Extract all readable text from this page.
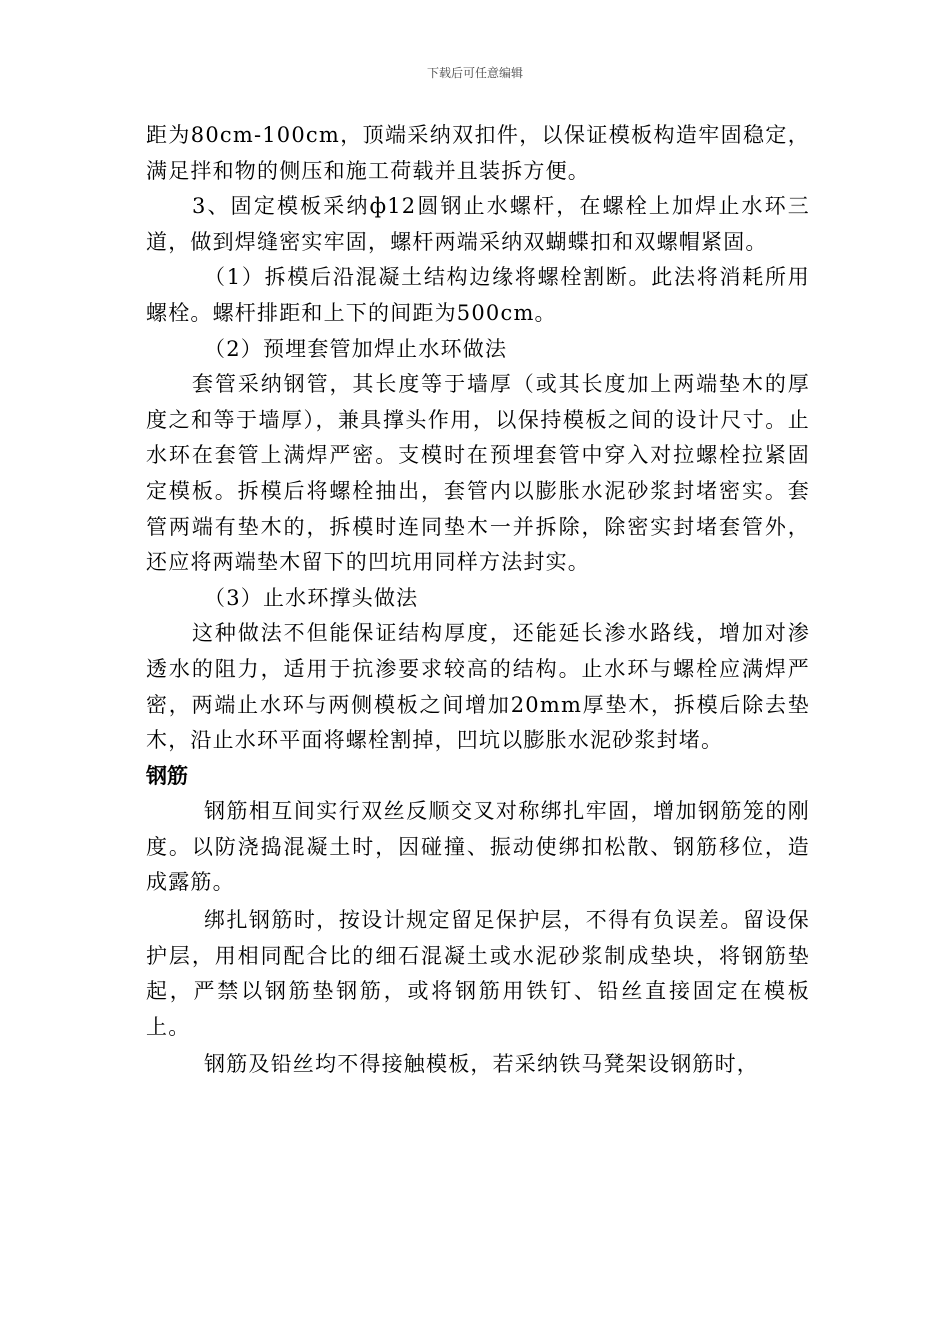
下载后可任意编辑

距为80cm-100cm，顶端采纳双扣件，以保证模板构造牢固稳定，满足拌和物的侧压和施工荷载并且装拆方便。

3、固定模板采纳ф12圆钢止水螺杆，在螺栓上加焊止水环三道，做到焊缝密实牢固，螺杆两端采纳双蝴蝶扣和双螺帽紧固。

（1）拆模后沿混凝土结构边缘将螺栓割断。此法将消耗所用螺栓。螺杆排距和上下的间距为500cm。

（2）预埋套管加焊止水环做法

套管采纳钢管，其长度等于墙厚（或其长度加上两端垫木的厚度之和等于墙厚），兼具撑头作用，以保持模板之间的设计尺寸。止水环在套管上满焊严密。支模时在预埋套管中穿入对拉螺栓拉紧固定模板。拆模后将螺栓抽出，套管内以膨胀水泥砂浆封堵密实。套管两端有垫木的，拆模时连同垫木一并拆除，除密实封堵套管外，还应将两端垫木留下的凹坑用同样方法封实。

（3）止水环撑头做法

这种做法不但能保证结构厚度，还能延长渗水路线，增加对渗透水的阻力，适用于抗渗要求较高的结构。止水环与螺栓应满焊严密，两端止水环与两侧模板之间增加20mm厚垫木，拆模后除去垫木，沿止水环平面将螺栓割掉，凹坑以膨胀水泥砂浆封堵。

钢筋

钢筋相互间实行双丝反顺交叉对称绑扎牢固，增加钢筋笼的刚度。以防浇捣混凝土时，因碰撞、振动使绑扣松散、钢筋移位，造成露筋。

绑扎钢筋时，按设计规定留足保护层，不得有负误差。留设保护层，用相同配合比的细石混凝土或水泥砂浆制成垫块，将钢筋垫起，严禁以钢筋垫钢筋，或将钢筋用铁钉、铅丝直接固定在模板上。

钢筋及铅丝均不得接触模板，若采纳铁马凳架设钢筋时，
